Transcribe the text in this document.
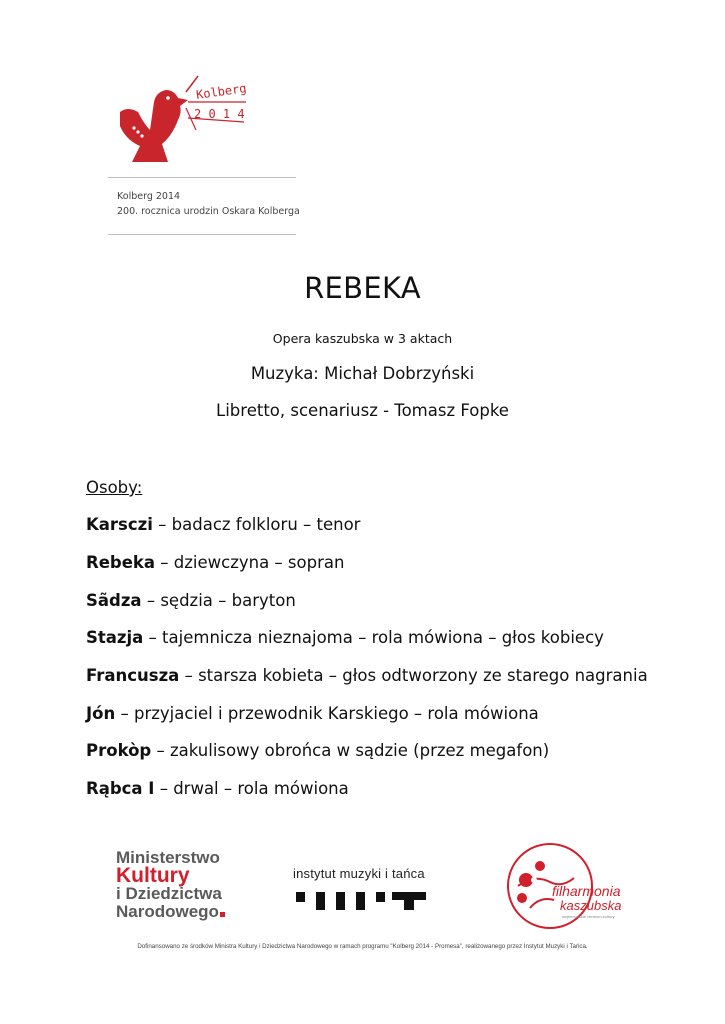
Kolberg
2 0 1 4
Kolberg 2014
200. rocznica urodzin Oskara Kolberga
REBEKA
Opera kaszubska w 3 aktach
Muzyka: Michał Dobrzyński
Libretto, scenariusz - Tomasz Fopke
Osoby:
Karsczi – badacz folkloru – tenor
Rebeka – dziewczyna – sopran
Sãdza – sędzia – baryton
Stazja – tajemnicza nieznajoma – rola mówiona – głos kobiecy
Francusza – starsza kobieta – głos odtworzony ze starego nagrania
Jón – przyjaciel i przewodnik Karskiego – rola mówiona
Prokòp – zakulisowy obrońca w sądzie (przez megafon)
Rąbca I – drwal – rola mówiona
Ministerstwo
Kultury
i Dziedzictwa
Narodowego
instytut muzyki i tańca
filharmonia
kaszubska
wejherowskie centrum kultury
Dofinansowano ze środków Ministra Kultury i Dziedzictwa Narodowego w ramach programu "Kolberg 2014 - Promesa", realizowanego przez Instytut Muzyki i Tańca.
